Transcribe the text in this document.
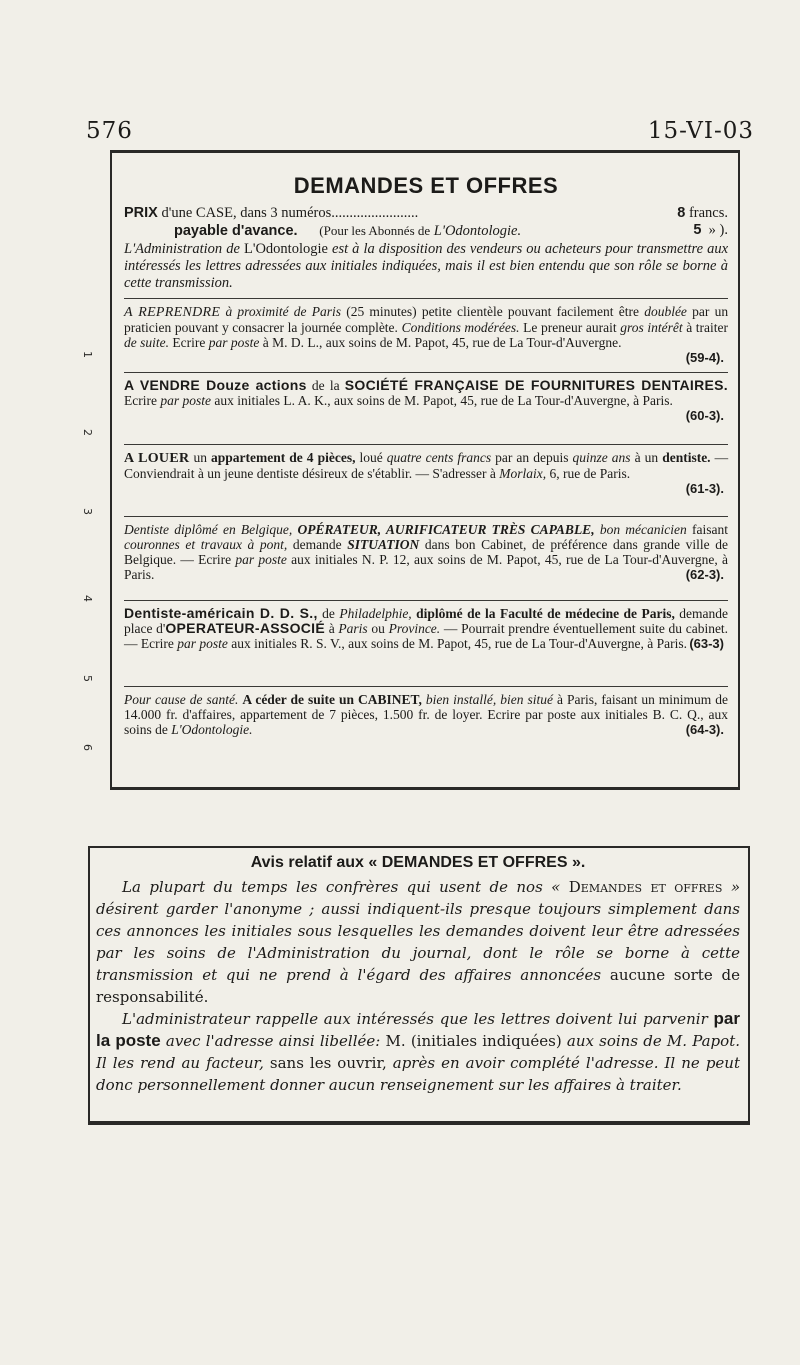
576	15-VI-03
1
2
3
4
5
6
DEMANDES ET OFFRES
PRIX d'une CASE, dans 3 numéros........................	8 francs.
payable d'avance. (Pour les Abonnés de L'Odontologie.	5 » ).
L'Administration de L'Odontologie est à la disposition des vendeurs ou acheteurs pour transmettre aux intéressés les lettres adressées aux initiales indiquées, mais il est bien entendu que son rôle se borne à cette transmission.
A REPRENDRE à proximité de Paris (25 minutes) petite clientèle pouvant facilement être doublée par un praticien pouvant y consacrer la journée complète. Conditions modérées. Le preneur aurait gros intérêt à traiter de suite. Ecrire par poste à M. D. L., aux soins de M. Papot, 45, rue de La Tour-d'Auvergne.
(59-4).
A VENDRE Douze actions de la SOCIÉTÉ FRANÇAISE DE FOURNITURES DENTAIRES. Ecrire par poste aux initiales L. A. K., aux soins de M. Papot, 45, rue de La Tour-d'Auvergne, à Paris.
(60-3).
A LOUER un appartement de 4 pièces, loué quatre cents francs par an depuis quinze ans à un dentiste. — Conviendrait à un jeune dentiste désireux de s'établir. — S'adresser à Morlaix, 6, rue de Paris.
(61-3).
Dentiste diplômé en Belgique, OPÉRATEUR, AURIFICATEUR TRÈS CAPABLE, bon mécanicien faisant couronnes et travaux à pont, demande SITUATION dans bon Cabinet, de préférence dans grande ville de Belgique. — Ecrire par poste aux initiales N. P. 12, aux soins de M. Papot, 45, rue de La Tour-d'Auvergne, à Paris.	(62-3).
Dentiste-américain D. D. S., de Philadelphie, diplômé de la Faculté de médecine de Paris, demande place d'OPERATEUR-ASSOCIÉ à Paris ou Province. — Pourrait prendre éventuellement suite du cabinet. — Ecrire par poste aux initiales R. S. V., aux soins de M. Papot, 45, rue de La Tour-d'Auvergne, à Paris. (63-3)
Pour cause de santé. A céder de suite un CABINET, bien installé, bien situé à Paris, faisant un minimum de 14.000 fr. d'affaires, appartement de 7 pièces, 1.500 fr. de loyer. Ecrire par poste aux initiales B. C. Q., aux soins de L'Odontologie.	(64-3).
Avis relatif aux « DEMANDES ET OFFRES ».

La plupart du temps les confrères qui usent de nos « Demandes et offres » désirent garder l'anonyme ; aussi indiquent-ils presque toujours simplement dans ces annonces les initiales sous lesquelles les demandes doivent leur être adressées par les soins de l'Administration du journal, dont le rôle se borne à cette transmission et qui ne prend à l'égard des affaires annoncées aucune sorte de responsabilité.

L'administrateur rappelle aux intéressés que les lettres doivent lui parvenir par la poste avec l'adresse ainsi libellée: M. (initiales indiquées) aux soins de M. Papot. Il les rend au facteur, sans les ouvrir, après en avoir complété l'adresse. Il ne peut donc personnellement donner aucun renseignement sur les affaires à traiter.
